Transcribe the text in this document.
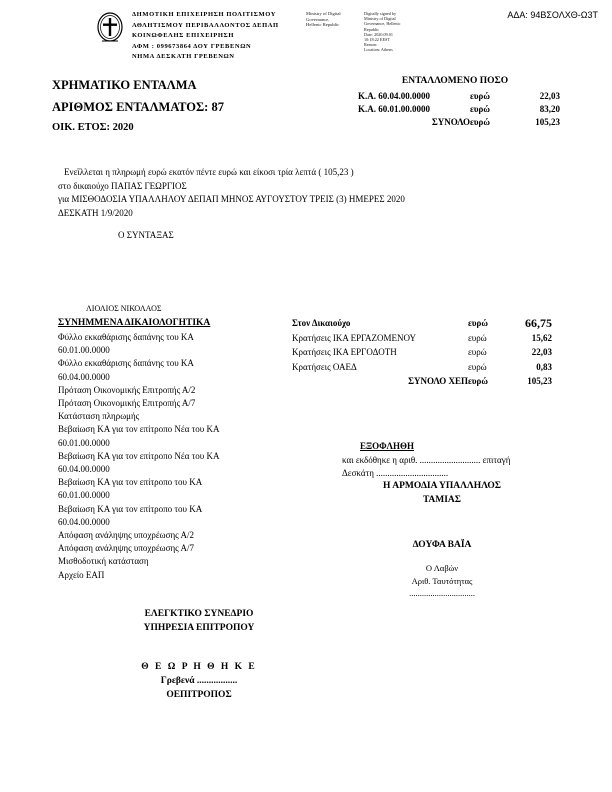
ΔΗΜΟΤΙΚΗ ΕΠΙΧΕΙΡΗΣΗ ΠΟΛΙΤΙΣΜΟΥ
ΑΘΛΗΤΙΣΜΟΥ ΠΕΡΙΒΑΛΛΟΝΤΟΣ ΔΕΠΑΠ
ΚΟΙΝΩΦΕΛΗΣ ΕΠΙΧΕΙΡΗΣΗ
ΑΦΜ : 099673864 ΔΟΥ ΓΡΕΒΕΝΩΝ
ΝΗΜΑ ΔΕΣΚΑΤΗ ΓΡΕΒΕΝΩΝ
Ministry of Digital
Governance,
Hellenic Republic
Digitally signed by
Ministry of Digital
Governance, Hellenic
Republic
Date: 2020.09.01
10:18:22 EEST
Reason:
Location: Athens
ΑΔΑ: 94ΒΣΟΛΧΘ-Ω3Τ
ΧΡΗΜΑΤΙΚΟ ΕΝΤΑΛΜΑ
ΑΡΙΘΜΟΣ ΕΝΤΑΛΜΑΤΟΣ: 87
ΟΙΚ. ΕΤΟΣ: 2020
ΕΝΤΑΛΛΟΜΕΝΟ ΠΟΣΟ
Κ.Α. 60.04.00.0000	ευρώ	22,03
Κ.Α. 60.01.00.0000	ευρώ	83,20
ΣΥΝΟΛΟ ευρώ	105,23
Ενεΐλλεται η πληρωμή ευρώ εκατόν πέντε ευρώ και είκοσι τρία λεπτά ( 105,23 )
στο δικαιούχο ΠΑΠΑΣ ΓΕΩΡΓΙΟΣ
για ΜΙΣΘΟΔΟΣΙΑ ΥΠΑΛΛΗΛΟΥ ΔΕΠΑΠ ΜΗΝΟΣ ΑΥΓΟΥΣΤΟΥ ΤΡΕΙΣ (3) ΗΜΕΡΕΣ 2020
ΔΕΣΚΑΤΗ 1/9/2020
Ο ΣΥΝΤΑΞΑΣ
ΛΙΟΛΙΟΣ ΝΙΚΟΛΑΟΣ
ΣΥΝΗΜΜΕΝΑ ΔΙΚΑΙΟΛΟΓΗΤΙΚΑ
Φύλλο εκκαθάρισης δαπάνης του ΚΑ
60.01.00.0000
Φύλλο εκκαθάρισης δαπάνης του ΚΑ
60.04.00.0000
Πρόταση Οικονομικής Επιτροπής Α/2
Πρόταση Οικονομικής Επιτροπής Α/7
Κατάσταση πληρωμής
Βεβαίωση ΚΑ για τον επίτροπο Νέα του ΚΑ
60.01.00.0000
Βεβαίωση ΚΑ για τον επίτροπο Νέα του ΚΑ
60.04.00.0000
Βεβαίωση ΚΑ για τον επίτροπο του ΚΑ
60.01.00.0000
Βεβαίωση ΚΑ για τον επίτροπο του ΚΑ
60.04.00.0000
Απόφαση ανάληψης υποχρέωσης Α/2
Απόφαση ανάληψης υποχρέωσης Α/7
Μισθοδοτική κατάσταση
Αρχείο ΕΑΠ
Στον Δικαιούχο	ευρώ	66,75
Κρατήσεις ΙΚΑ ΕΡΓΑΖΟΜΕΝΟΥ	ευρώ	15,62
Κρατήσεις ΙΚΑ ΕΡΓΟΔΟΤΗ	ευρώ	22,03
Κρατήσεις ΟΑΕΔ	ευρώ	0,83
ΣΥΝΟΛΟ ΧΕΠ ευρώ	105,23
ΕΞΟΦΛΗΘΗ
και εκδόθηκε η αριθ. ........................... επιταγή
Δεσκάτη ................................
Η ΑΡΜΟΔΙΑ ΥΠΑΛΛΗΛΟΣ
ΤΑΜΙΑΣ
ΔΟΥΦΑ ΒΑΪΑ
Ο Λαβών
Αριθ. Ταυτότητας
...............................
ΕΛΕΓΚΤΙΚΟ ΣΥΝΕΔΡΙΟ
ΥΠΗΡΕΣΙΑ ΕΠΙΤΡΟΠΟΥ
Θ Ε Ω Ρ Η Θ Η Κ Ε
Γρεβενά .................
ΟΕΠΙΤΡΟΠΟΣ
